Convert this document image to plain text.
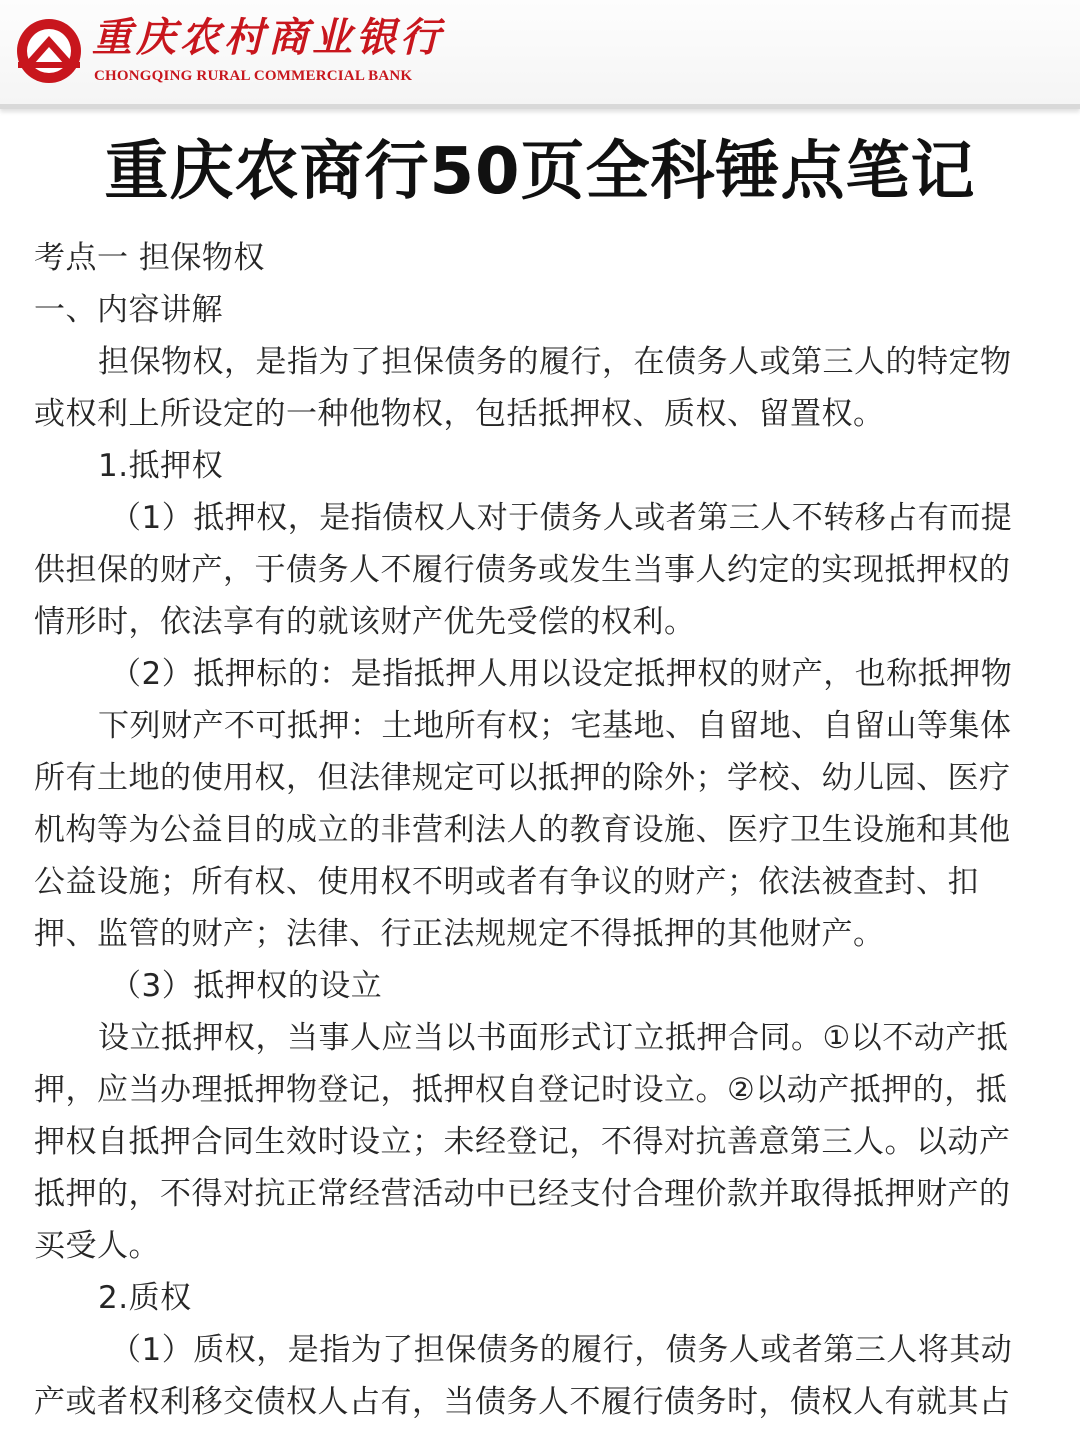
重庆农村商业银行
CHONGQING RURAL COMMERCIAL BANK
重庆农商行50页全科锤点笔记
考点一 担保物权
一、内容讲解
担保物权，是指为了担保债务的履行，在债务人或第三人的特定物
或权利上所设定的一种他物权，包括抵押权、质权、留置权。
1.抵押权
（1）抵押权，是指债权人对于债务人或者第三人不转移占有而提
供担保的财产，于债务人不履行债务或发生当事人约定的实现抵押权的
情形时，依法享有的就该财产优先受偿的权利。
（2）抵押标的：是指抵押人用以设定抵押权的财产，也称抵押物
下列财产不可抵押：土地所有权；宅基地、自留地、自留山等集体
所有土地的使用权，但法律规定可以抵押的除外；学校、幼儿园、医疗
机构等为公益目的成立的非营利法人的教育设施、医疗卫生设施和其他
公益设施；所有权、使用权不明或者有争议的财产；依法被查封、扣
押、监管的财产；法律、行正法规规定不得抵押的其他财产。
（3）抵押权的设立
设立抵押权，当事人应当以书面形式订立抵押合同。①以不动产抵
押，应当办理抵押物登记，抵押权自登记时设立。②以动产抵押的，抵
押权自抵押合同生效时设立；未经登记，不得对抗善意第三人。以动产
抵押的，不得对抗正常经营活动中已经支付合理价款并取得抵押财产的
买受人。
2.质权
（1）质权，是指为了担保债务的履行，债务人或者第三人将其动
产或者权利移交债权人占有，当债务人不履行债务时，债权人有就其占
